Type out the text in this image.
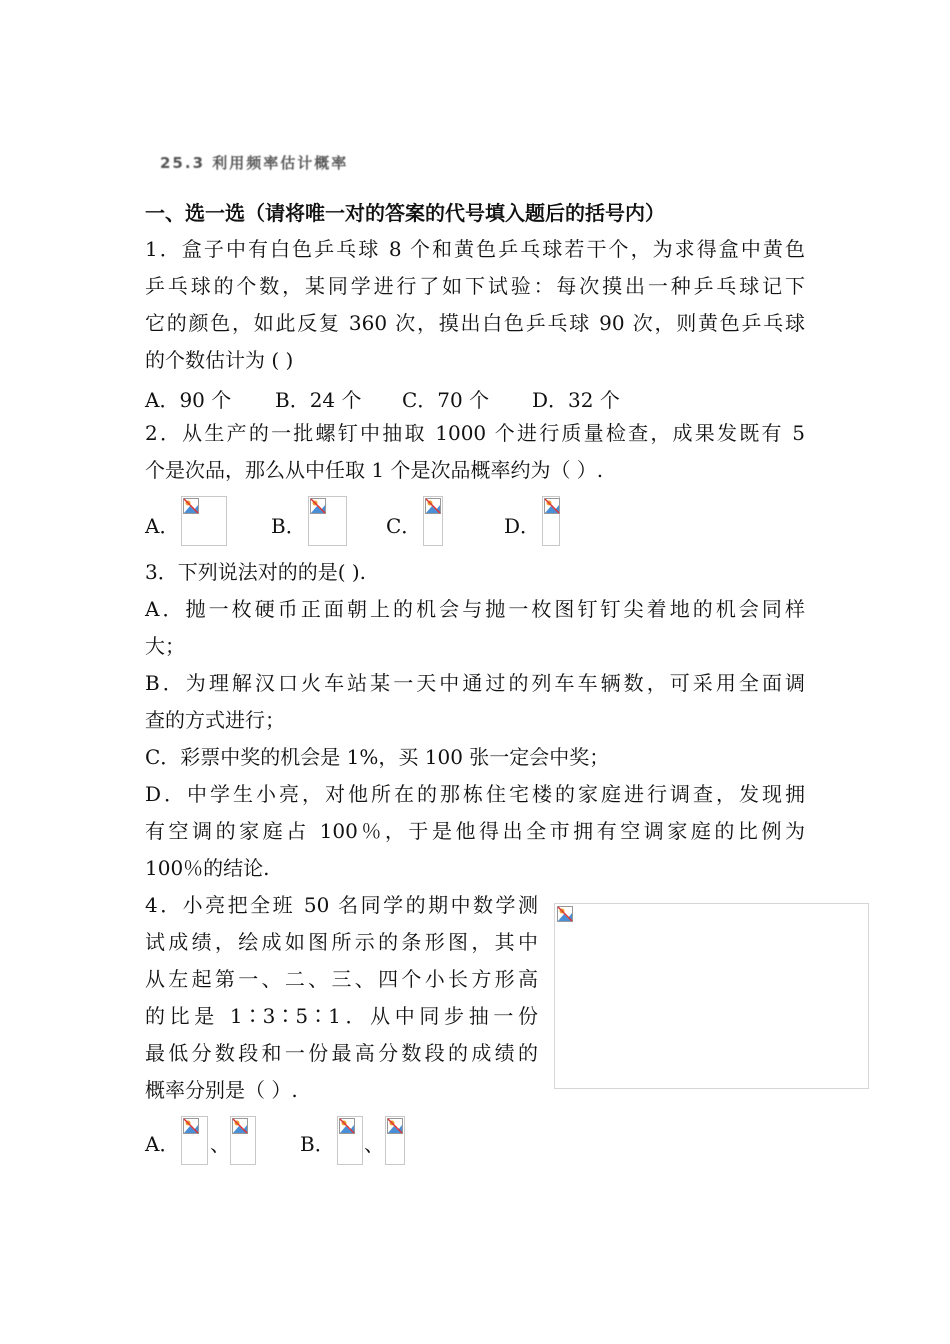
25.3 利用频率估计概率
一、选一选（请将唯一对的答案的代号填入题后的括号内）
1．盒子中有白色乒乓球 8 个和黄色乒乓球若干个，为求得盒中黄色
乒乓球的个数，某同学进行了如下试验：每次摸出一种乒乓球记下
它的颜色，如此反复 360 次，摸出白色乒乓球 90 次，则黄色乒乓球
的个数估计为 ( )
A．90 个 B．24 个 C．70 个 D．32 个
2．从生产的一批螺钉中抽取 1000 个进行质量检查，成果发既有 5
个是次品，那么从中任取 1 个是次品概率约为（ ）.
A．	B．	C．	D．
3．下列说法对的的是( ).
A．抛一枚硬币正面朝上的机会与抛一枚图钉钉尖着地的机会同样
大；
B．为理解汉口火车站某一天中通过的列车车辆数，可采用全面调
查的方式进行；
C．彩票中奖的机会是 1%，买 100 张一定会中奖；
D．中学生小亮，对他所在的那栋住宅楼的家庭进行调查，发现拥
有空调的家庭占 100％，于是他得出全市拥有空调家庭的比例为
100％的结论.
4．小亮把全班 50 名同学的期中数学测
试成绩，绘成如图所示的条形图，其中
从左起第一、二、三、四个小长方形高
的比是 1∶3∶5∶1．从中同步抽一份
最低分数段和一份最高分数段的成绩的
概率分别是（ ）.
A．	B．
、	、
